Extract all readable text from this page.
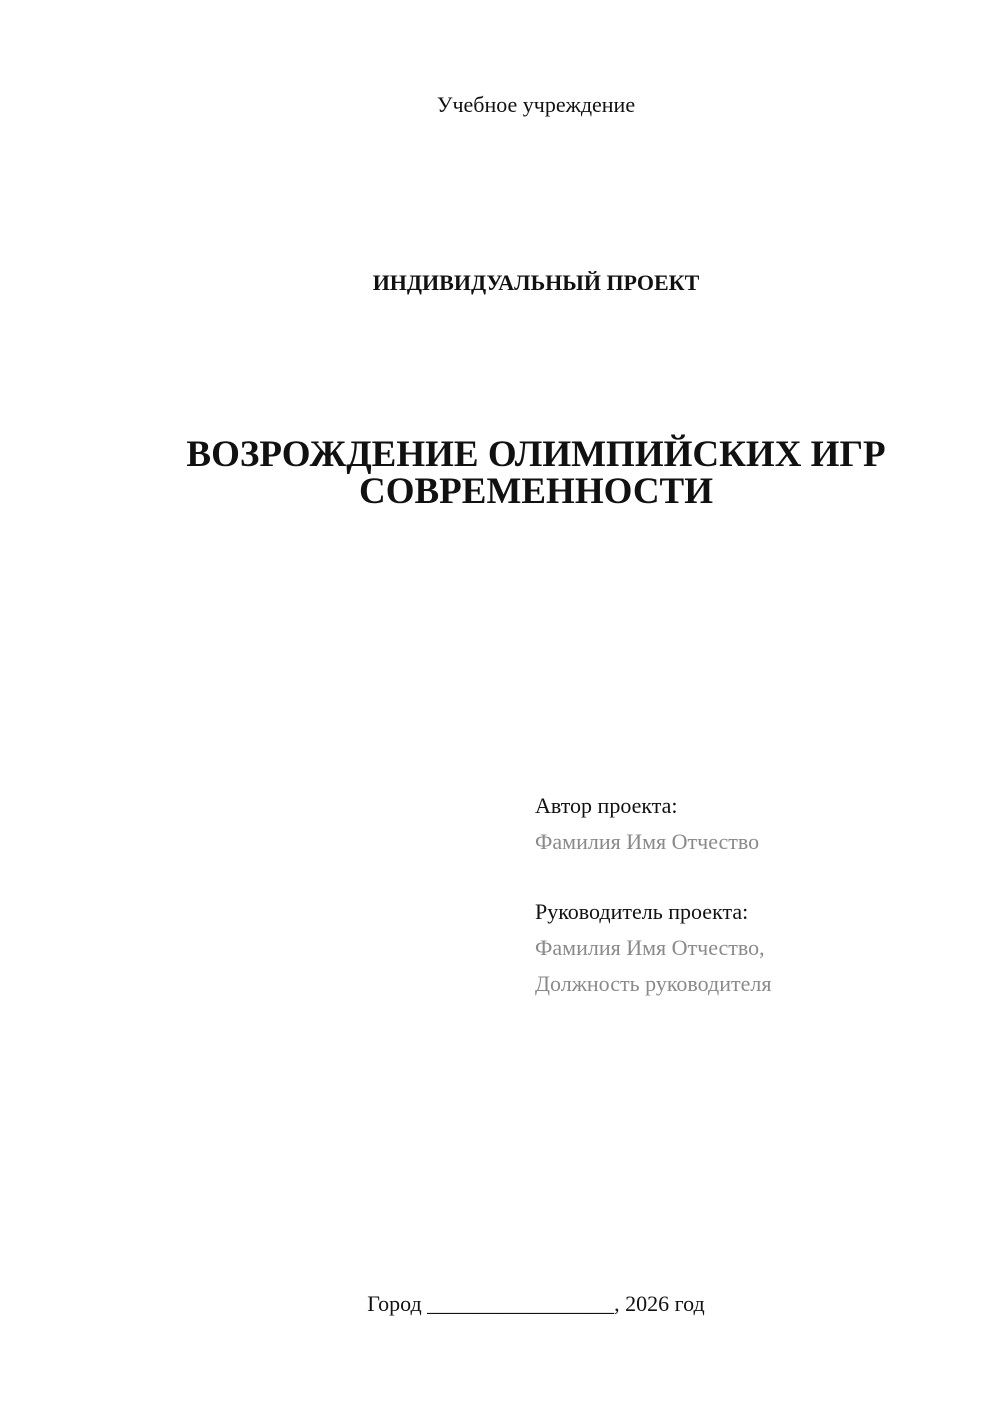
Учебное учреждение
ИНДИВИДУАЛЬНЫЙ ПРОЕКТ
ВОЗРОЖДЕНИЕ ОЛИМПИЙСКИХ ИГР
СОВРЕМЕННОСТИ
Автор проекта:
Фамилия Имя Отчество
Руководитель проекта:
Фамилия Имя Отчество,
Должность руководителя
Город _________________, 2026 год
